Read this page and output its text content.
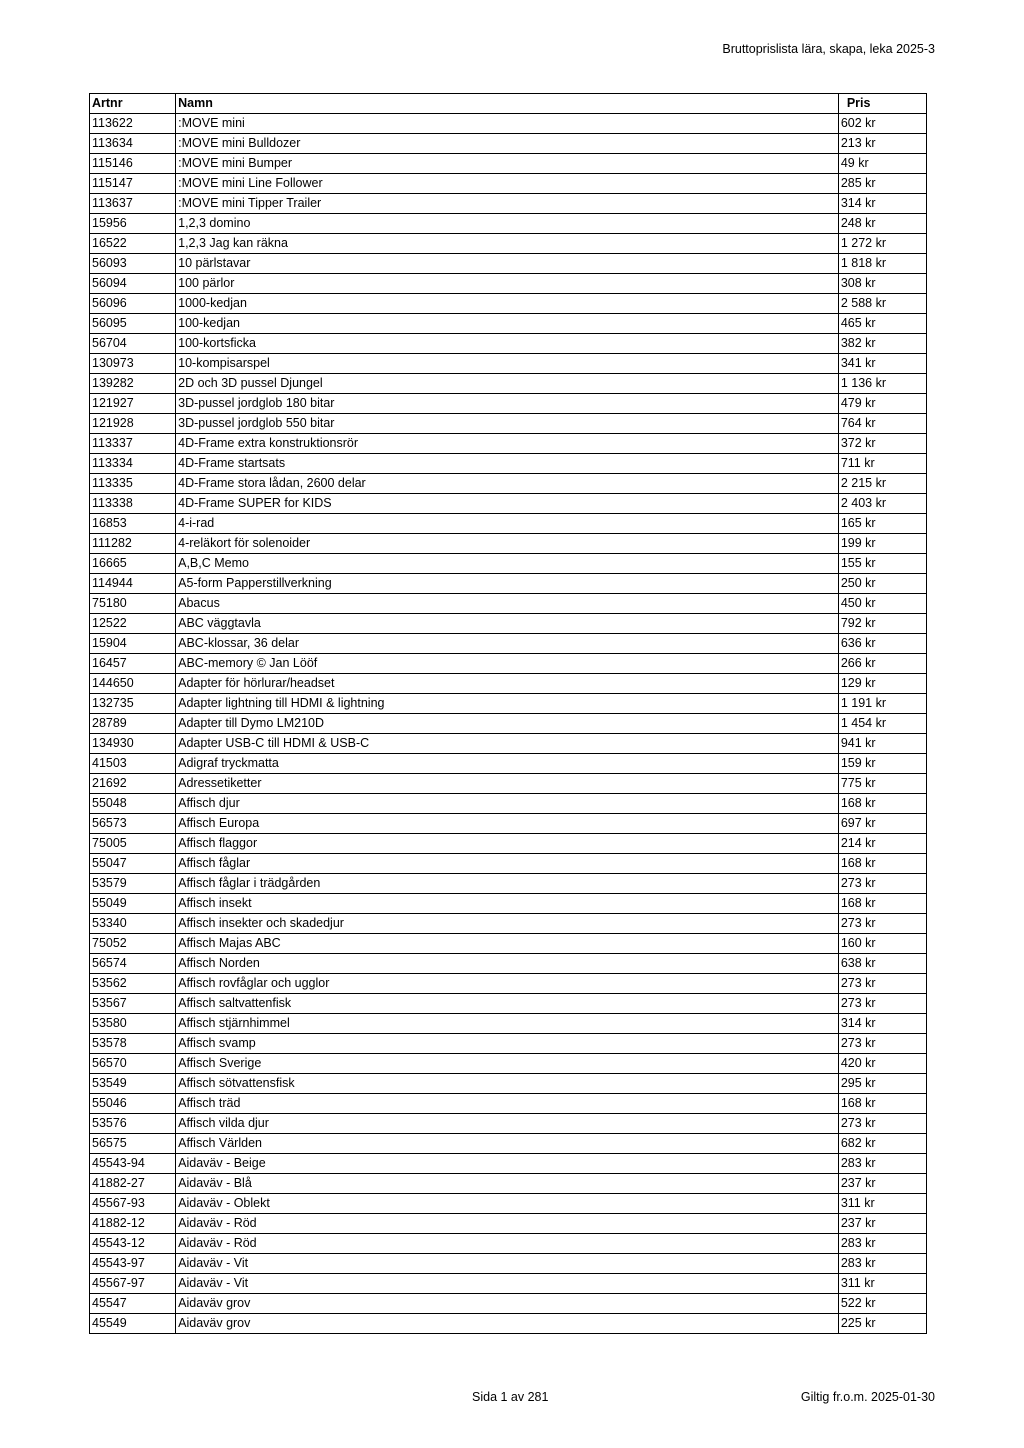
Bruttoprislista lära, skapa, leka 2025-3
Artnr	Namn	Pris
113622	:MOVE mini	602 kr
113634	:MOVE mini Bulldozer	213 kr
115146	:MOVE mini Bumper	49 kr
115147	:MOVE mini Line Follower	285 kr
113637	:MOVE mini Tipper Trailer	314 kr
15956	1,2,3 domino	248 kr
16522	1,2,3 Jag kan räkna	1 272 kr
56093	10 pärlstavar	1 818 kr
56094	100 pärlor	308 kr
56096	1000-kedjan	2 588 kr
56095	100-kedjan	465 kr
56704	100-kortsficka	382 kr
130973	10-kompisarspel	341 kr
139282	2D och 3D pussel Djungel	1 136 kr
121927	3D-pussel jordglob 180 bitar	479 kr
121928	3D-pussel jordglob 550 bitar	764 kr
113337	4D-Frame extra konstruktionsrör	372 kr
113334	4D-Frame startsats	711 kr
113335	4D-Frame stora lådan, 2600 delar	2 215 kr
113338	4D-Frame SUPER for KIDS	2 403 kr
16853	4-i-rad	165 kr
111282	4-reläkort för solenoider	199 kr
16665	A,B,C Memo	155 kr
114944	A5-form Papperstillverkning	250 kr
75180	Abacus	450 kr
12522	ABC väggtavla	792 kr
15904	ABC-klossar, 36 delar	636 kr
16457	ABC-memory © Jan Lööf	266 kr
144650	Adapter för hörlurar/headset	129 kr
132735	Adapter lightning till HDMI & lightning	1 191 kr
28789	Adapter till Dymo LM210D	1 454 kr
134930	Adapter USB-C till HDMI & USB-C	941 kr
41503	Adigraf tryckmatta	159 kr
21692	Adressetiketter	775 kr
55048	Affisch djur	168 kr
56573	Affisch Europa	697 kr
75005	Affisch flaggor	214 kr
55047	Affisch fåglar	168 kr
53579	Affisch fåglar i trädgården	273 kr
55049	Affisch insekt	168 kr
53340	Affisch insekter och skadedjur	273 kr
75052	Affisch Majas ABC	160 kr
56574	Affisch Norden	638 kr
53562	Affisch rovfåglar och ugglor	273 kr
53567	Affisch saltvattenfisk	273 kr
53580	Affisch stjärnhimmel	314 kr
53578	Affisch svamp	273 kr
56570	Affisch Sverige	420 kr
53549	Affisch sötvattensfisk	295 kr
55046	Affisch träd	168 kr
53576	Affisch vilda djur	273 kr
56575	Affisch Världen	682 kr
45543-94	Aidaväv - Beige	283 kr
41882-27	Aidaväv - Blå	237 kr
45567-93	Aidaväv - Oblekt	311 kr
41882-12	Aidaväv - Röd	237 kr
45543-12	Aidaväv - Röd	283 kr
45543-97	Aidaväv - Vit	283 kr
45567-97	Aidaväv - Vit	311 kr
45547	Aidaväv grov	522 kr
45549	Aidaväv grov	225 kr
Sida 1 av 281	Giltig fr.o.m. 2025-01-30
